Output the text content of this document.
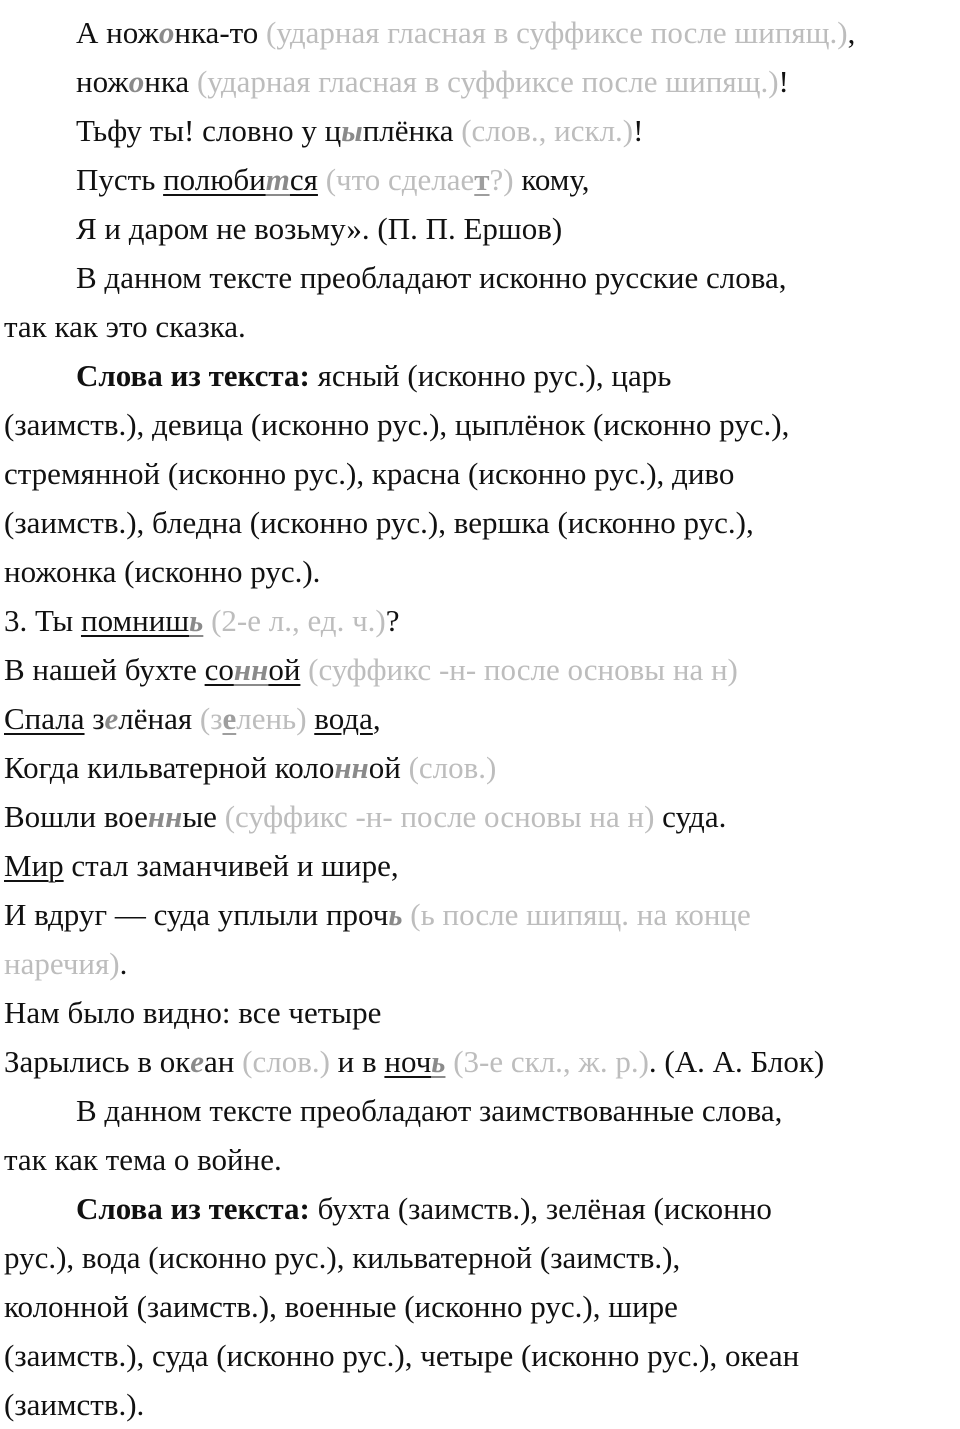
А ножонка-то (ударная гласная в суффиксе после шипящ.),
ножонка (ударная гласная в суффиксе после шипящ.)!
Тьфу ты! словно у цыплёнка (слов., искл.)!
Пусть полюбится (что сделает?) кому,
Я и даром не возьму». (П. П. Ершов)
В данном тексте преобладают исконно русские слова,
так как это сказка.
Слова из текста: ясный (исконно рус.), царь
(заимств.), девица (исконно рус.), цыплёнок (исконно рус.),
стремянной (исконно рус.), красна (исконно рус.), диво
(заимств.), бледна (исконно рус.), вершка (исконно рус.),
ножонка (исконно рус.).
3. Ты помнишь (2-е л., ед. ч.)?
В нашей бухте сонной (суффикс -н- после основы на н)
Спала зелёная (зелень) вода,
Когда кильватерной колонной (слов.)
Вошли военные (суффикс -н- после основы на н) суда.
Мир стал заманчивей и шире,
И вдруг — суда уплыли прочь (ь после шипящ. на конце
наречия).
Нам было видно: все четыре
Зарылись в океан (слов.) и в ночь (3-е скл., ж. р.). (А. А. Блок)
В данном тексте преобладают заимствованные слова,
так как тема о войне.
Слова из текста: бухта (заимств.), зелёная (исконно
рус.), вода (исконно рус.), кильватерной (заимств.),
колонной (заимств.), военные (исконно рус.), шире
(заимств.), суда (исконно рус.), четыре (исконно рус.), океан
(заимств.).
